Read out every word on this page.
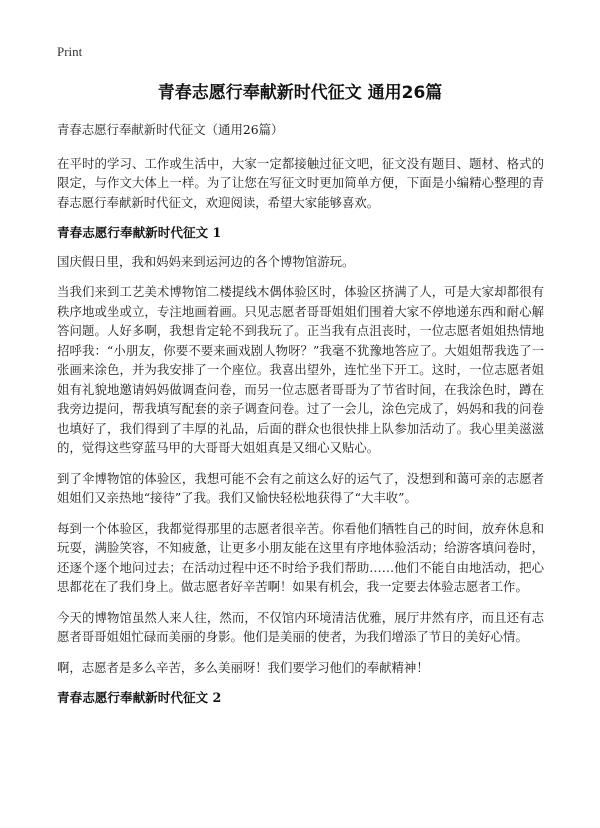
Print
青春志愿行奉献新时代征文 通用26篇

青春志愿行奉献新时代征文（通用26篇）

在平时的学习、工作或生活中，大家一定都接触过征文吧，征文没有题目、题材、格式的限定，与作文大体上一样。为了让您在写征文时更加简单方便，下面是小编精心整理的青春志愿行奉献新时代征文，欢迎阅读，希望大家能够喜欢。

青春志愿行奉献新时代征文 1

国庆假日里，我和妈妈来到运河边的各个博物馆游玩。

当我们来到工艺美术博物馆二楼提线木偶体验区时，体验区挤满了人，可是大家却都很有秩序地或坐或立，专注地画着画。只见志愿者哥哥姐姐们围着大家不停地递东西和耐心解答问题。人好多啊，我想肯定轮不到我玩了。正当我有点沮丧时，一位志愿者姐姐热情地招呼我：“小朋友，你要不要来画戏剧人物呀？”我毫不犹豫地答应了。大姐姐帮我选了一张画来涂色，并为我安排了一个座位。我喜出望外，连忙坐下开工。这时，一位志愿者姐姐有礼貌地邀请妈妈做调查问卷，而另一位志愿者哥哥为了节省时间，在我涂色时，蹲在我旁边提问，帮我填写配套的亲子调查问卷。过了一会儿，涂色完成了，妈妈和我的问卷也填好了，我们得到了丰厚的礼品，后面的群众也很快排上队参加活动了。我心里美滋滋的，觉得这些穿蓝马甲的大哥哥大姐姐真是又细心又贴心。

到了伞博物馆的体验区，我想可能不会有之前这么好的运气了，没想到和蔼可亲的志愿者姐姐们又亲热地“接待”了我。我们又愉快轻松地获得了“大丰收”。

每到一个体验区，我都觉得那里的志愿者很辛苦。你看他们牺牲自己的时间，放弃休息和玩耍，满脸笑容，不知疲惫，让更多小朋友能在这里有序地体验活动；给游客填问卷时，还逐个逐个地问过去；在活动过程中还不时给予我们帮助……他们不能自由地活动，把心思都花在了我们身上。做志愿者好辛苦啊！如果有机会，我一定要去体验志愿者工作。

今天的博物馆虽然人来人往，然而，不仅馆内环境清洁优雅，展厅井然有序，而且还有志愿者哥哥姐姐忙碌而美丽的身影。他们是美丽的使者，为我们增添了节日的美好心情。

啊，志愿者是多么辛苦，多么美丽呀！我们要学习他们的奉献精神！

青春志愿行奉献新时代征文 2
